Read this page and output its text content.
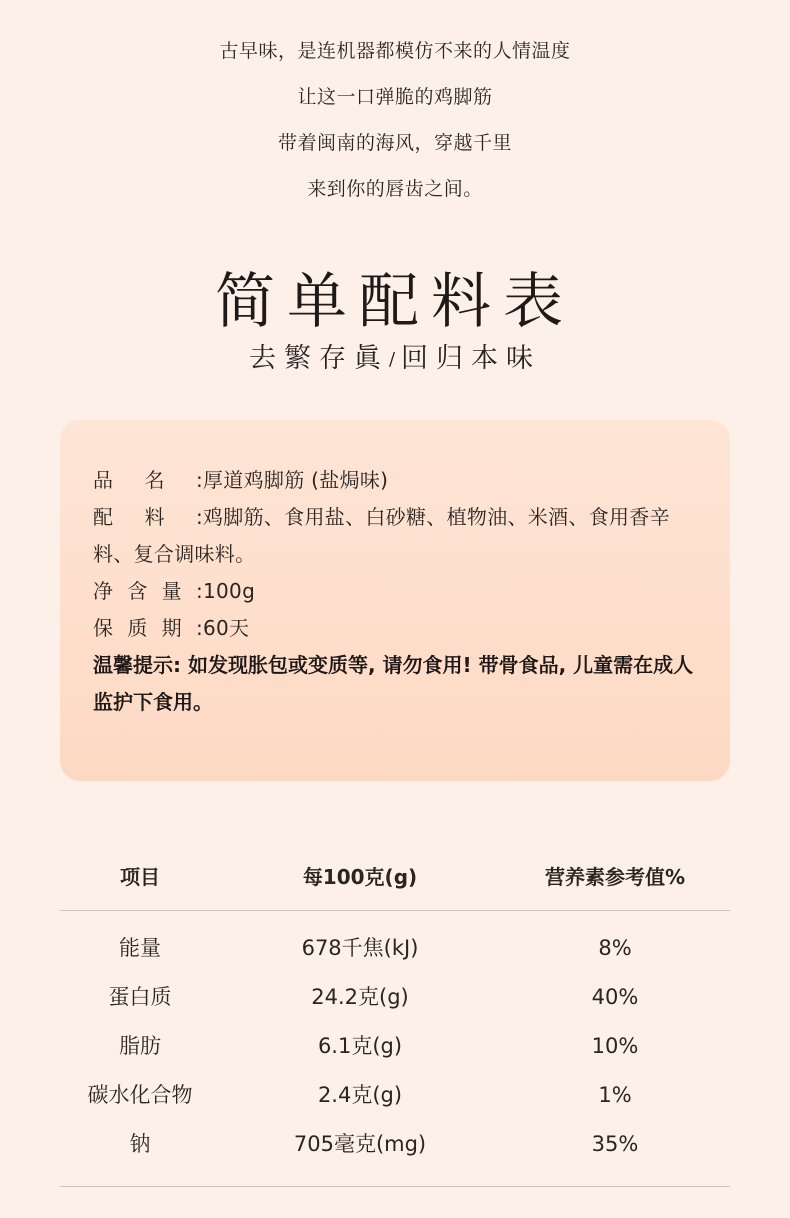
古早味，是连机器都模仿不来的人情温度

让这一口弹脆的鸡脚筋

带着闽南的海风，穿越千里

来到你的唇齿之间。

简单配料表
去繁存眞/回归本味
品名:厚道鸡脚筋 (盐焗味)
配料:鸡脚筋、食用盐、白砂糖、植物油、米酒、食用香辛料、复合调味料。
净含量:100g
保质期:60天
温馨提示: 如发现胀包或变质等, 请勿食用! 带骨食品, 儿童需在成人监护下食用。
项目	每100克(g)	营养素参考值%
能量	678千焦(kJ)	8%
蛋白质	24.2克(g)	40%
脂肪	6.1克(g)	10%
碳水化合物	2.4克(g)	1%
钠	705毫克(mg)	35%
